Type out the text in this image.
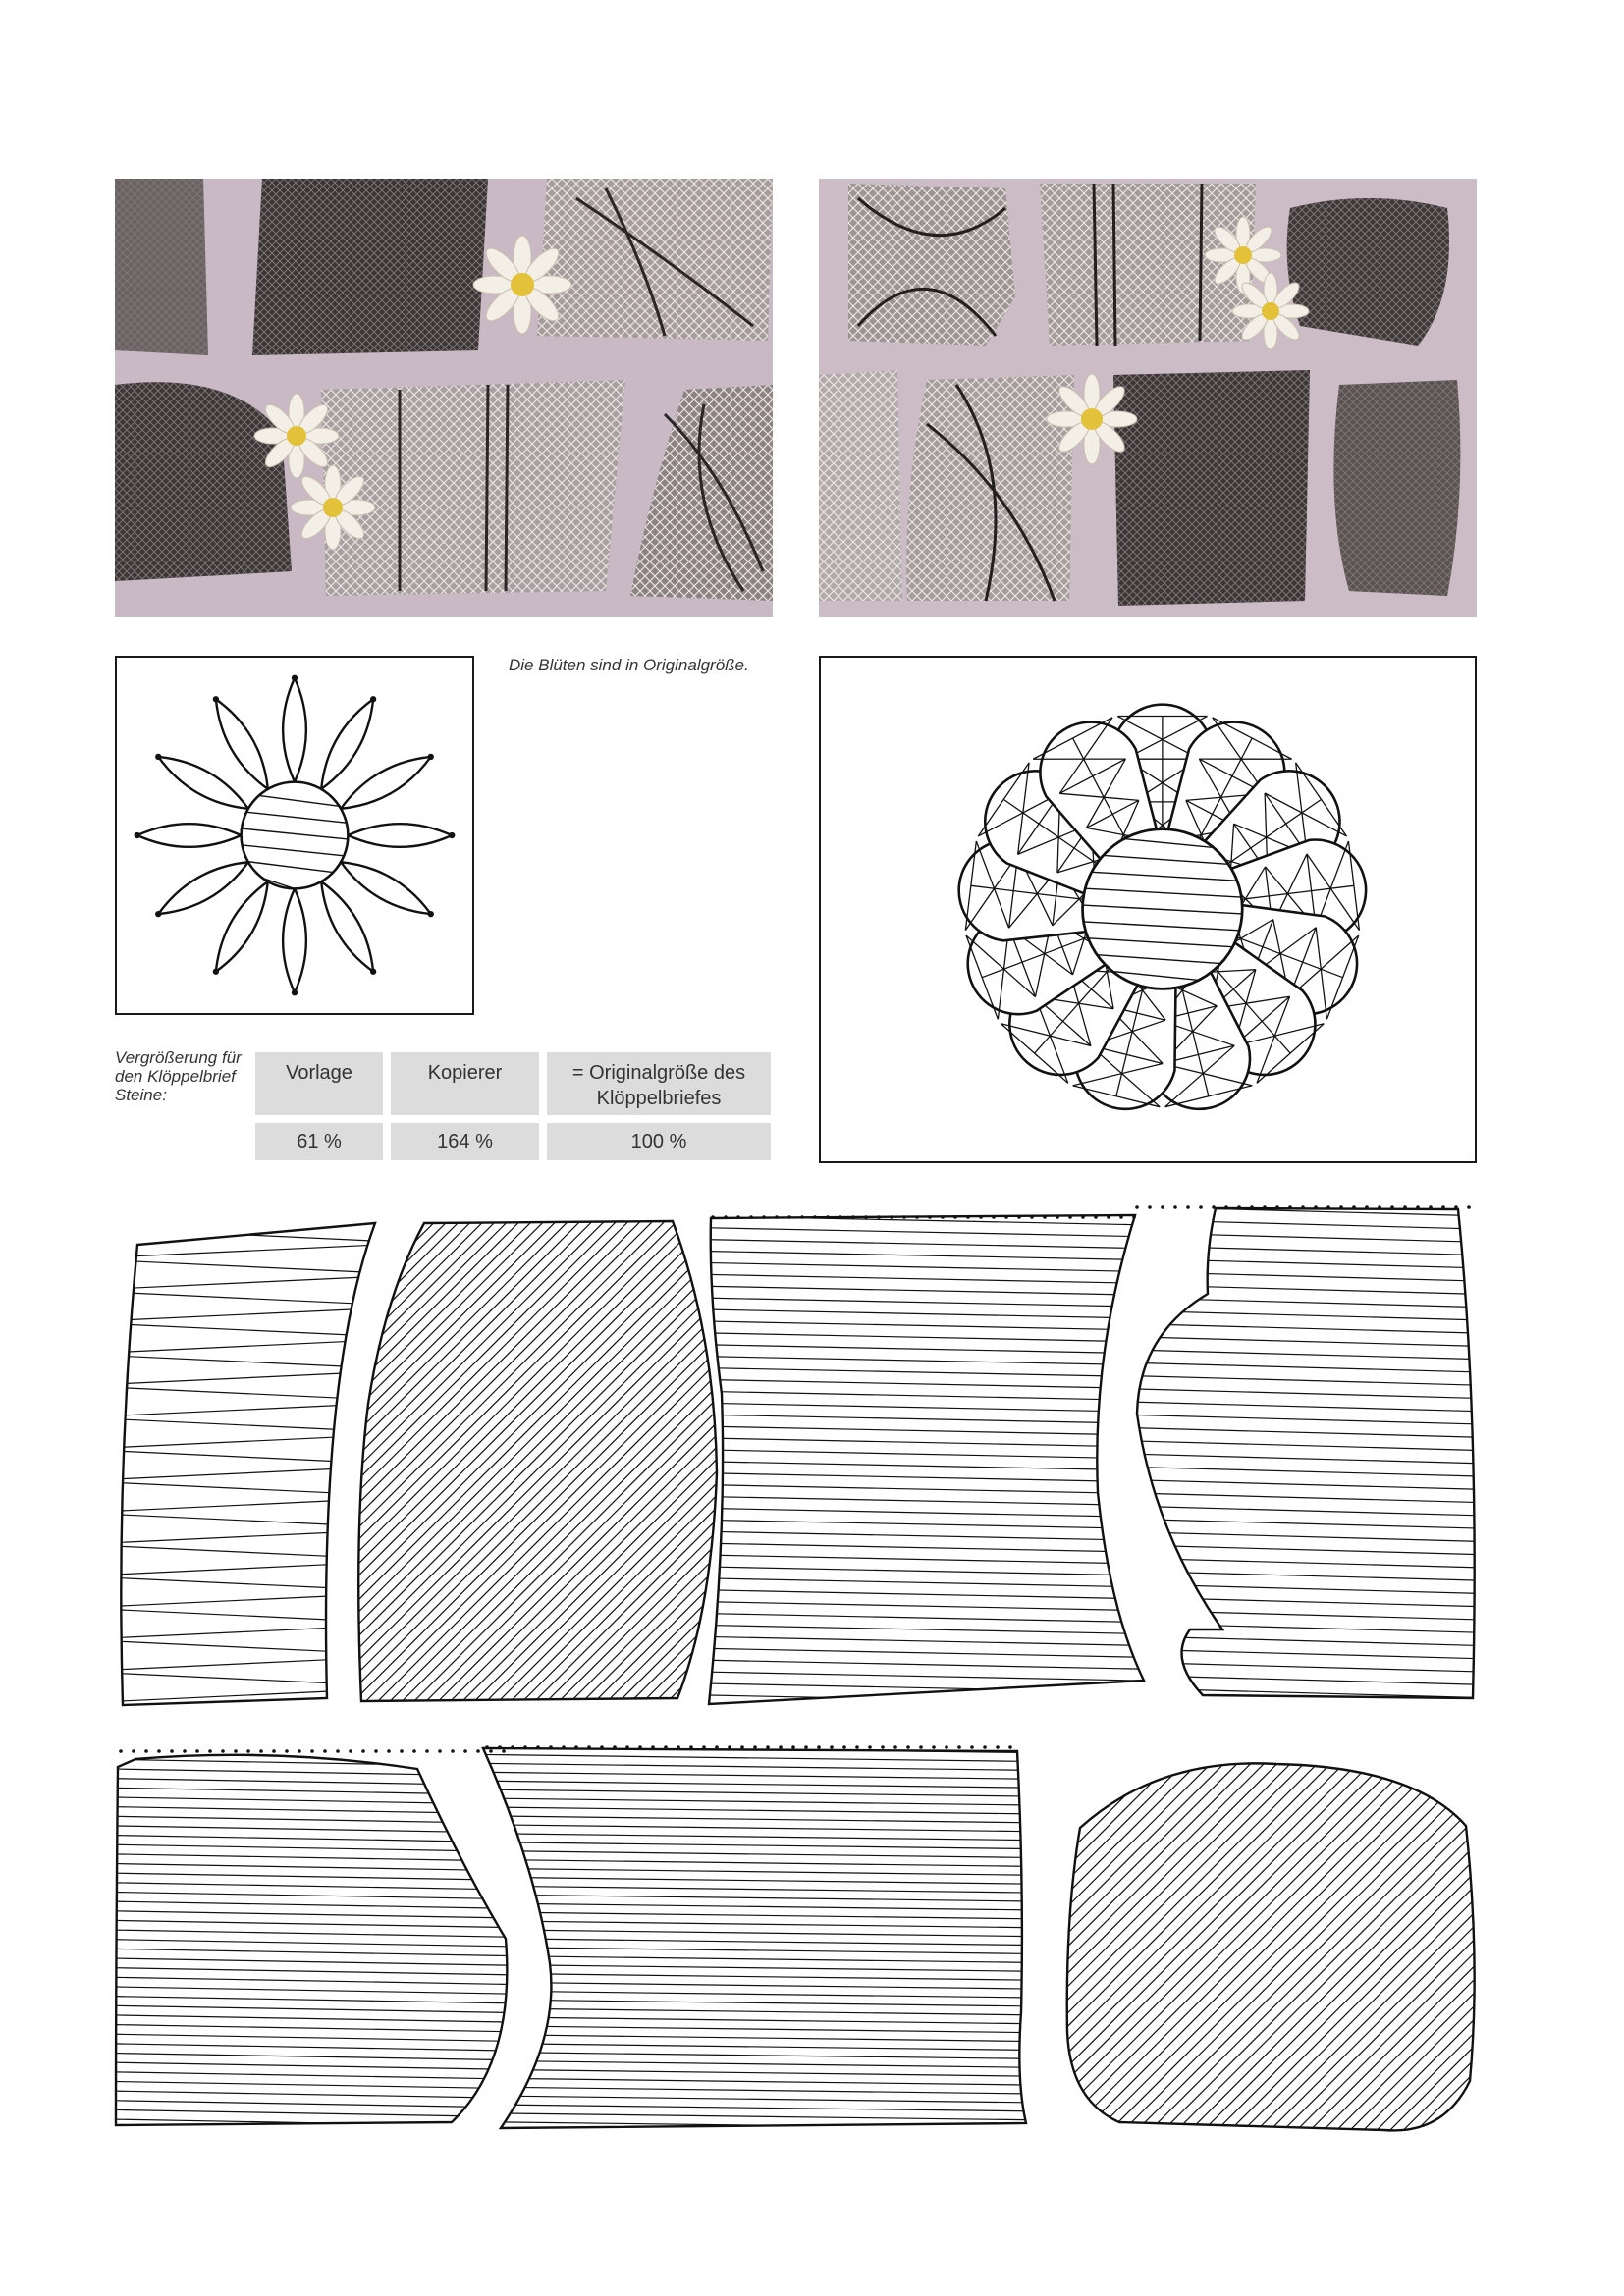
Die Blüten sind in Originalgröße.
Vergrößerung für den Klöppelbrief Steine:
Vorlage	Kopierer	= Originalgröße des Klöppelbriefes
61 %	164 %	100 %
